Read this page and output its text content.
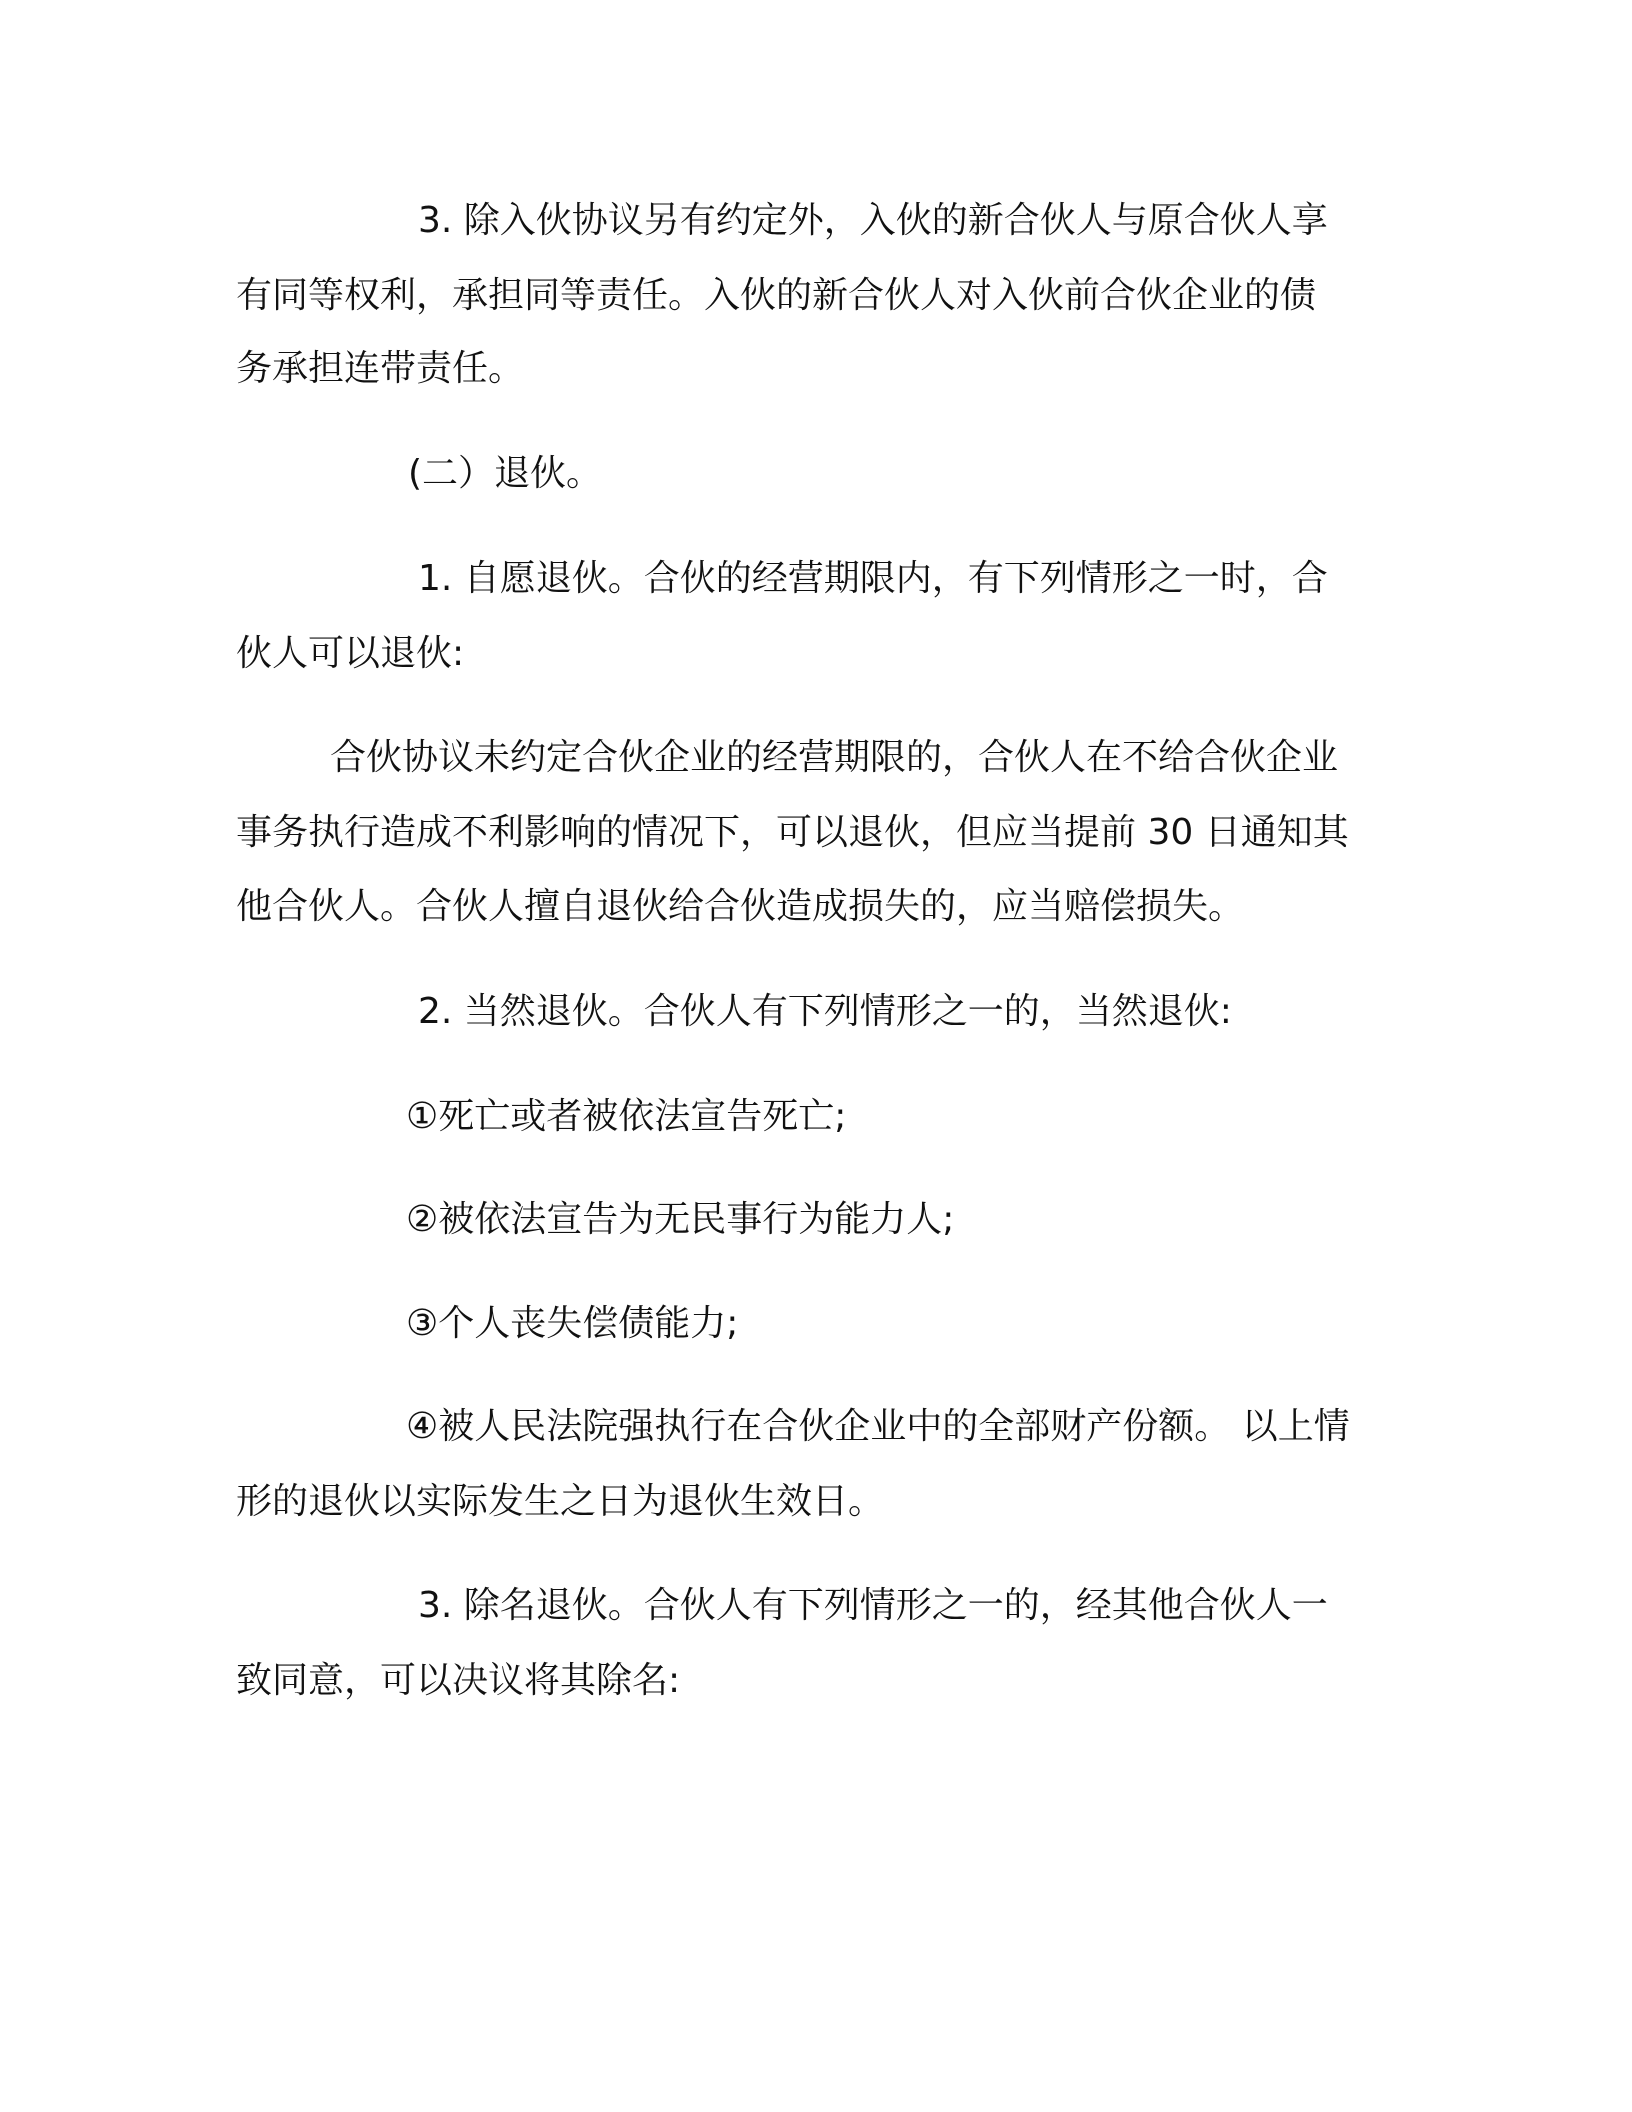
3. 除入伙协议另有约定外，入伙的新合伙人与原合伙人享

有同等权利，承担同等责任。入伙的新合伙人对入伙前合伙企业的债

务承担连带责任。

(二）退伙。

1. 自愿退伙。合伙的经营期限内，有下列情形之一时，合

伙人可以退伙:

合伙协议未约定合伙企业的经营期限的，合伙人在不给合伙企业

事务执行造成不利影响的情况下，可以退伙，但应当提前 30 日通知其

他合伙人。合伙人擅自退伙给合伙造成损失的，应当赔偿损失。

2. 当然退伙。合伙人有下列情形之一的，当然退伙:

①死亡或者被依法宣告死亡;

②被依法宣告为无民事行为能力人;

③个人丧失偿债能力;

④被人民法院强执行在合伙企业中的全部财产份额。 以上情

形的退伙以实际发生之日为退伙生效日。

3. 除名退伙。合伙人有下列情形之一的，经其他合伙人一

致同意，可以决议将其除名:
